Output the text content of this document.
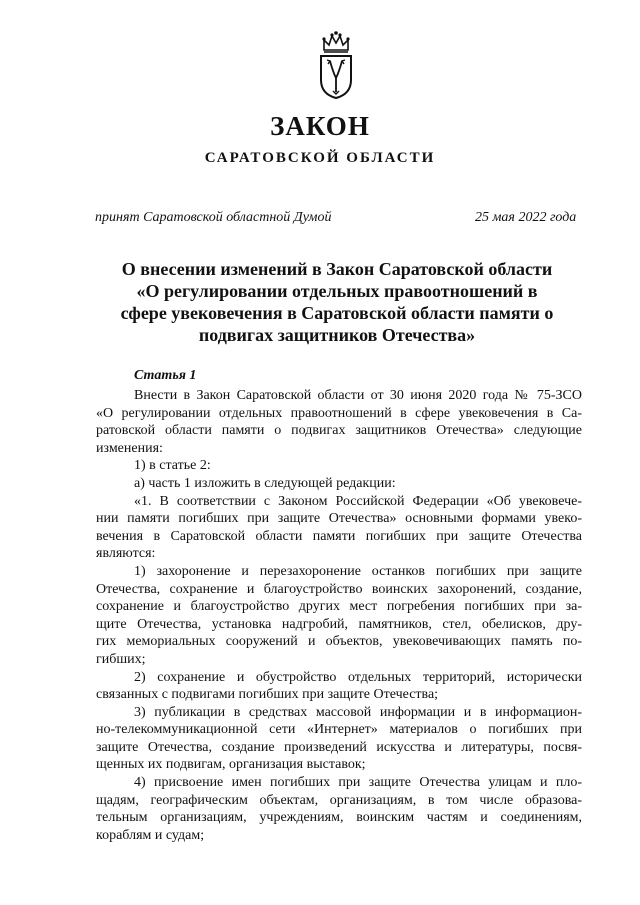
ЗАКОН
САРАТОВСКОЙ ОБЛАСТИ
принят Саратовской областной Думой	25 мая 2022 года
О внесении изменений в Закон Саратовской области
«О регулировании отдельных правоотношений в
сфере увековечения в Саратовской области памяти о
подвигах защитников Отечества»
Статья 1
Внести в Закон Саратовской области от 30 июня 2020 года № 75-ЗСО
«О регулировании отдельных правоотношений в сфере увековечения в Са-
ратовской области памяти о подвигах защитников Отечества» следующие
изменения:
1) в статье 2:
а) часть 1 изложить в следующей редакции:
«1. В соответствии с Законом Российской Федерации «Об увековече-
нии памяти погибших при защите Отечества» основными формами увеко-
вечения в Саратовской области памяти погибших при защите Отечества
являются:
1) захоронение и перезахоронение останков погибших при защите
Отечества, сохранение и благоустройство воинских захоронений, создание,
сохранение и благоустройство других мест погребения погибших при за-
щите Отечества, установка надгробий, памятников, стел, обелисков, дру-
гих мемориальных сооружений и объектов, увековечивающих память по-
гибших;
2) сохранение и обустройство отдельных территорий, исторически
связанных с подвигами погибших при защите Отечества;
3) публикации в средствах массовой информации и в информацион-
но-телекоммуникационной сети «Интернет» материалов о погибших при
защите Отечества, создание произведений искусства и литературы, посвя-
щенных их подвигам, организация выставок;
4) присвоение имен погибших при защите Отечества улицам и пло-
щадям, географическим объектам, организациям, в том числе образова-
тельным организациям, учреждениям, воинским частям и соединениям,
кораблям и судам;
